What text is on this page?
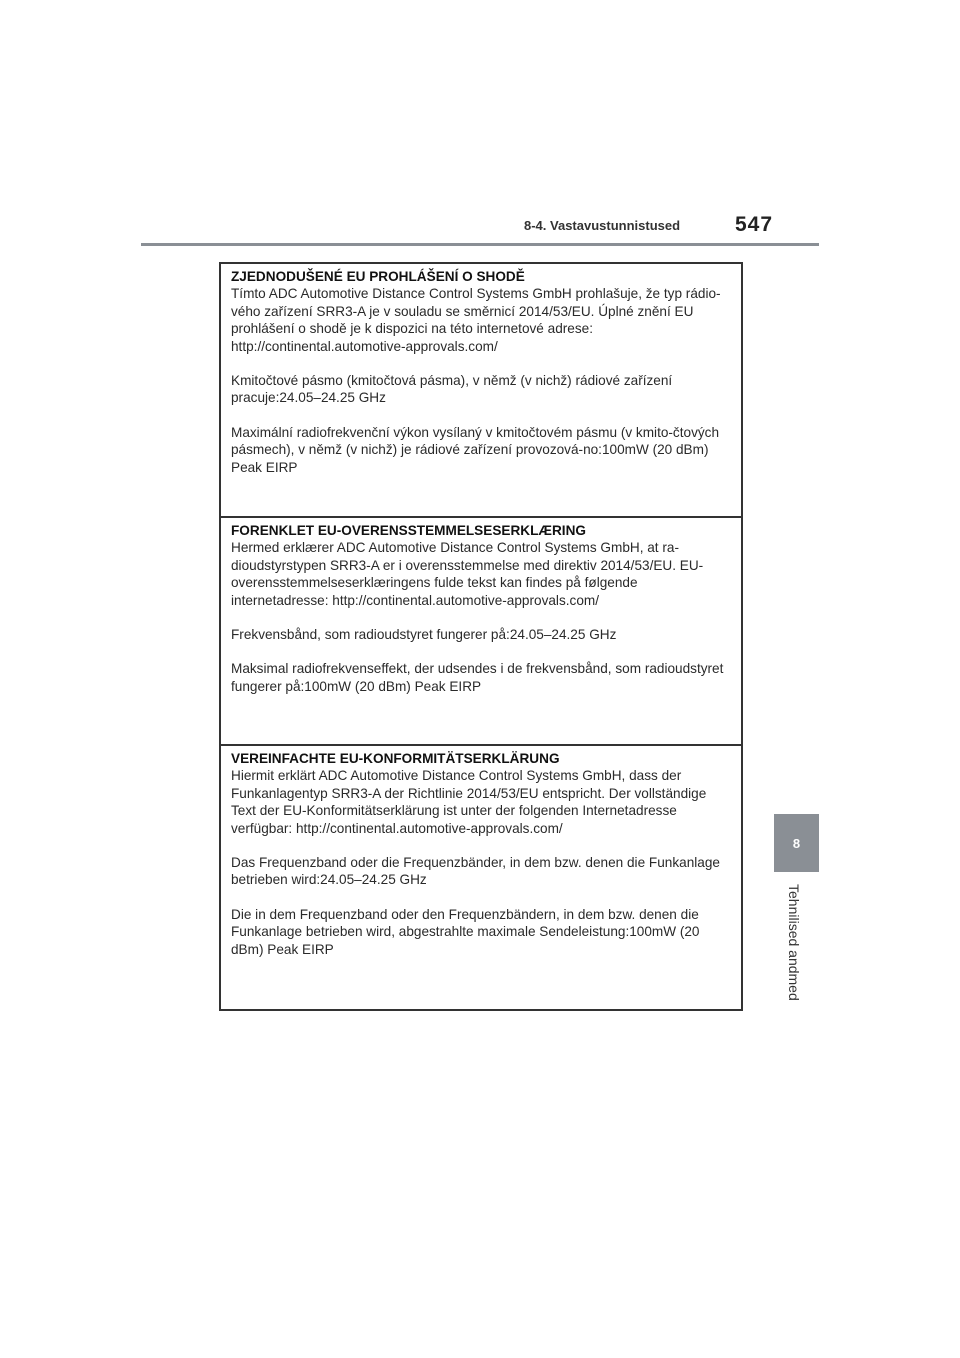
8-4. Vastavustunnistused	547
8
Tehnilised andmed
ZJEDNODUŠENÉ EU PROHLÁŠENÍ O SHODĚ

Tímto ADC Automotive Distance Control Systems GmbH prohlašuje, že typ rádio-vého zařízení SRR3-A je v souladu se směrnicí 2014/53/EU. Úplné znění EU prohlášení o shodě je k dispozici na této internetové adrese: http://continental.automotive-approvals.com/

Kmitočtové pásmo (kmitočtová pásma), v němž (v nichž) rádiové zařízení pracuje:24.05–24.25 GHz

Maximální radiofrekvenční výkon vysílaný v kmitočtovém pásmu (v kmito-čtových pásmech), v němž (v nichž) je rádiové zařízení provozová-no:100mW (20 dBm) Peak EIRP

FORENKLET EU-OVERENSSTEMMELSESERKLÆRING

Hermed erklærer ADC Automotive Distance Control Systems GmbH, at ra-dioudstyrstypen SRR3-A er i overensstemmelse med direktiv 2014/53/EU. EU-overensstemmelseserklæringens fulde tekst kan findes på følgende internetadresse: http://continental.automotive-approvals.com/

Frekvensbånd, som radioudstyret fungerer på:24.05–24.25 GHz

Maksimal radiofrekvenseffekt, der udsendes i de frekvensbånd, som radioudstyret fungerer på:100mW (20 dBm) Peak EIRP

VEREINFACHTE EU-KONFORMITÄTSERKLÄRUNG

Hiermit erklärt ADC Automotive Distance Control Systems GmbH, dass der Funkanlagentyp SRR3-A der Richtlinie 2014/53/EU entspricht. Der vollständige Text der EU-Konformitätserklärung ist unter der folgenden Internetadresse verfügbar: http://continental.automotive-approvals.com/

Das Frequenzband oder die Frequenzbänder, in dem bzw. denen die Funkanlage betrieben wird:24.05–24.25 GHz

Die in dem Frequenzband oder den Frequenzbändern, in dem bzw. denen die Funkanlage betrieben wird, abgestrahlte maximale Sendeleistung:100mW (20 dBm) Peak EIRP
